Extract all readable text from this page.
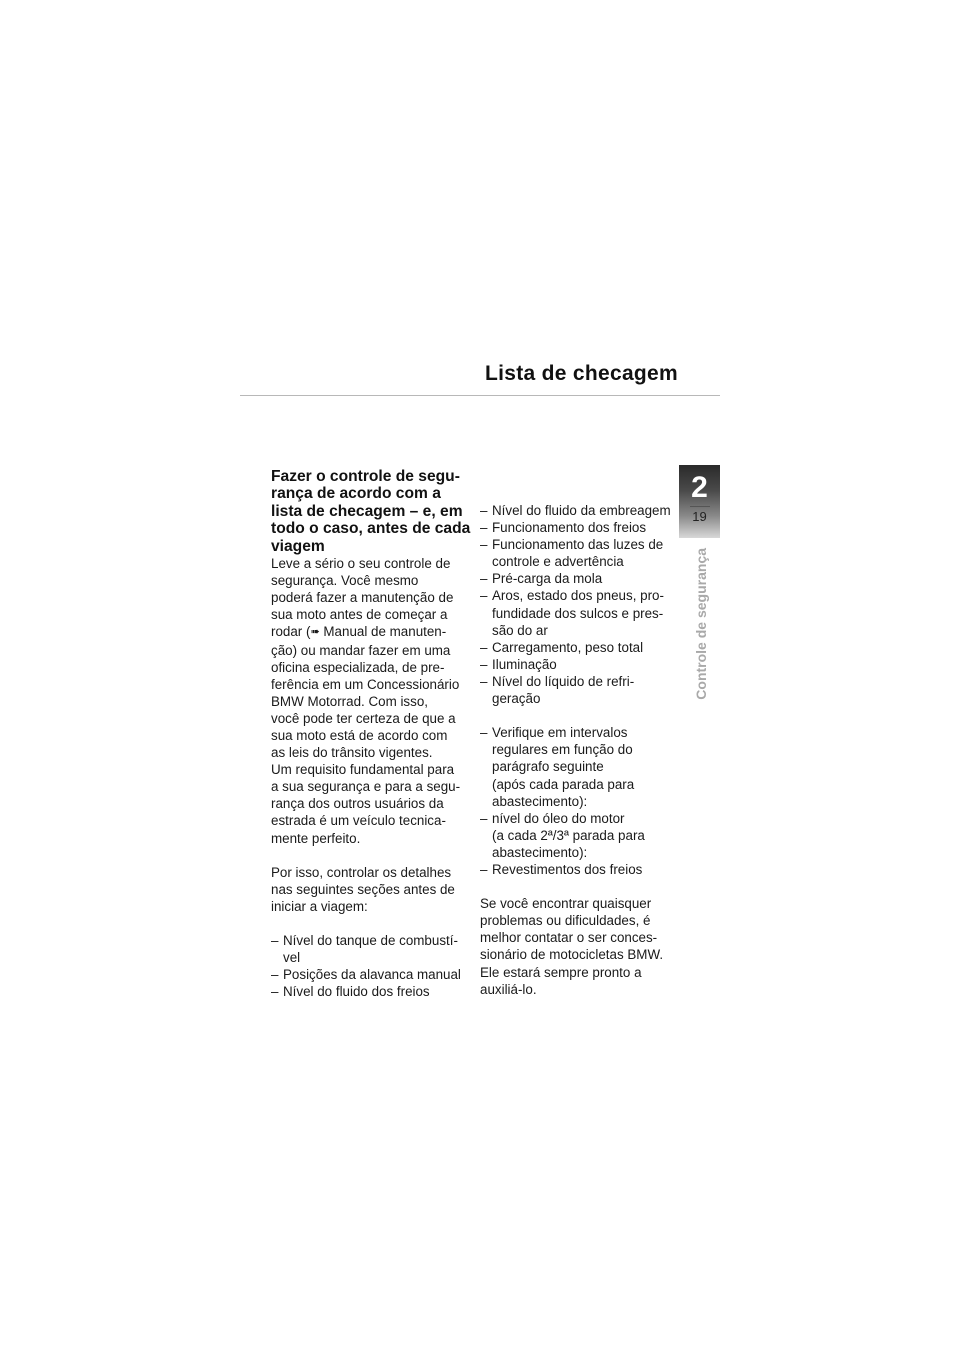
Lista de checagem
2
19
Controle de segurança

Fazer o controle de segu-
rança de acordo com a
lista de checagem – e, em
todo o caso, antes de cada
viagem

Leve a sério o seu controle de
segurança. Você mesmo
poderá fazer a manutenção de
sua moto antes de começar a
rodar (➠ Manual de manuten-
ção) ou mandar fazer em uma
oficina especializada, de pre-
ferência em um Concessionário
BMW Motorrad. Com isso,
você pode ter certeza de que a
sua moto está de acordo com
as leis do trânsito vigentes.
Um requisito fundamental para
a sua segurança e para a segu-
rança dos outros usuários da
estrada é um veículo tecnica-
mente perfeito.

Por isso, controlar os detalhes
nas seguintes seções antes de
iniciar a viagem:

– Nível do tanque de combustí-
vel
– Posições da alavanca manual
– Nível do fluido dos freios
– Nível do fluido da embreagem
– Funcionamento dos freios
– Funcionamento das luzes de
controle e advertência
– Pré-carga da mola
– Aros, estado dos pneus, pro-
fundidade dos sulcos e pres-
são do ar
– Carregamento, peso total
– Iluminação
– Nível do líquido de refri-
geração
– Verifique em intervalos
regulares em função do
parágrafo seguinte
(após cada parada para
abastecimento):
– nível do óleo do motor
(a cada 2ª/3ª parada para
abastecimento):
– Revestimentos dos freios

Se você encontrar quaisquer
problemas ou dificuldades, é
melhor contatar o ser conces-
sionário de motocicletas BMW.
Ele estará sempre pronto a
auxiliá-lo.
